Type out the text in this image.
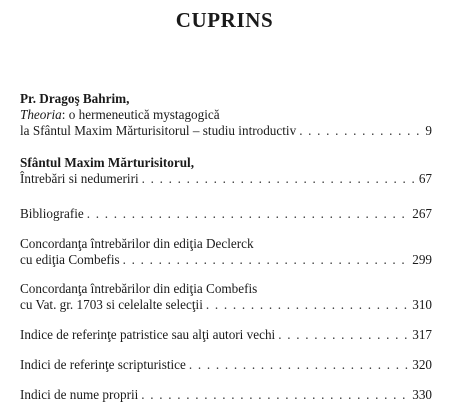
CUPRINS
Pr. Dragoş Bahrim,
Theoria: o hermeneutică mystagogică
la Sfântul Maxim Mărturisitorul – studiu introductiv . . .	9
Sfântul Maxim Mărturisitorul,
Întrebări si nedumeriri . . .	67
Bibliografie . . .	267
Concordanţa întrebărilor din ediţia Declerck
cu ediţia Combefis . . .	299
Concordanţa întrebărilor din ediţia Combefis
cu Vat. gr. 1703 si celelalte selecţii . . .	310
Indice de referinţe patristice sau alţi autori vechi . . .	317
Indici de referinţe scripturistice . . .	320
Indici de nume proprii . . .	330
